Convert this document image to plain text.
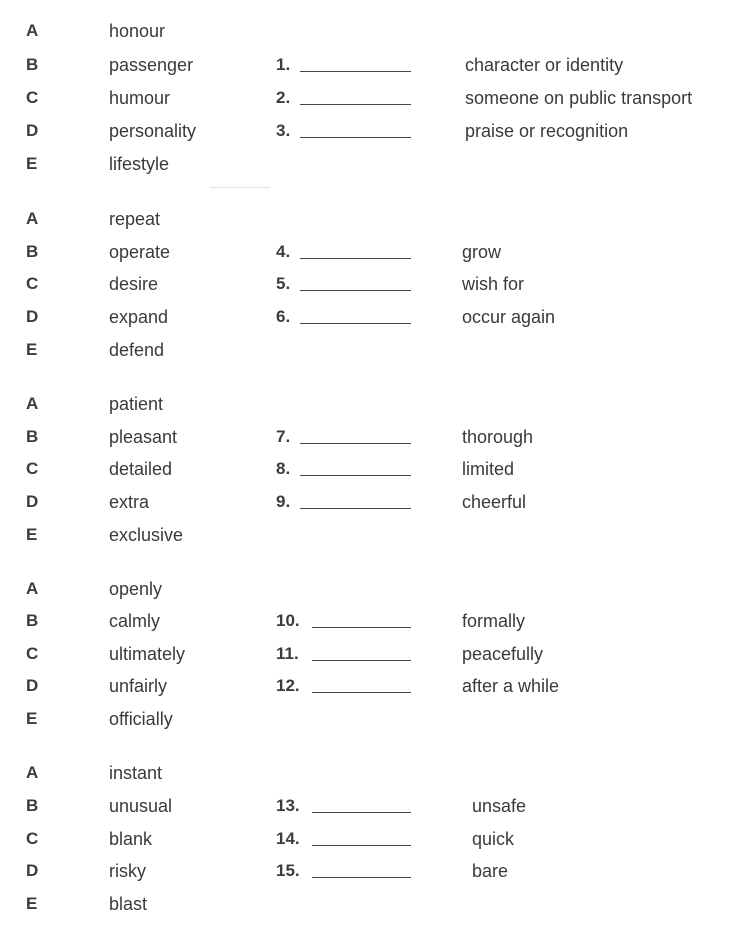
A	honour
B	passenger	1.	character or identity
C	humour	2.	someone on public transport
D	personality	3.	praise or recognition
E	lifestyle
A	repeat
B	operate	4.	grow
C	desire	5.	wish for
D	expand	6.	occur again
E	defend
A	patient
B	pleasant	7.	thorough
C	detailed	8.	limited
D	extra	9.	cheerful
E	exclusive
A	openly
B	calmly	10.	formally
C	ultimately	11.	peacefully
D	unfairly	12.	after a while
E	officially
A	instant
B	unusual	13.	unsafe
C	blank	14.	quick
D	risky	15.	bare
E	blast
